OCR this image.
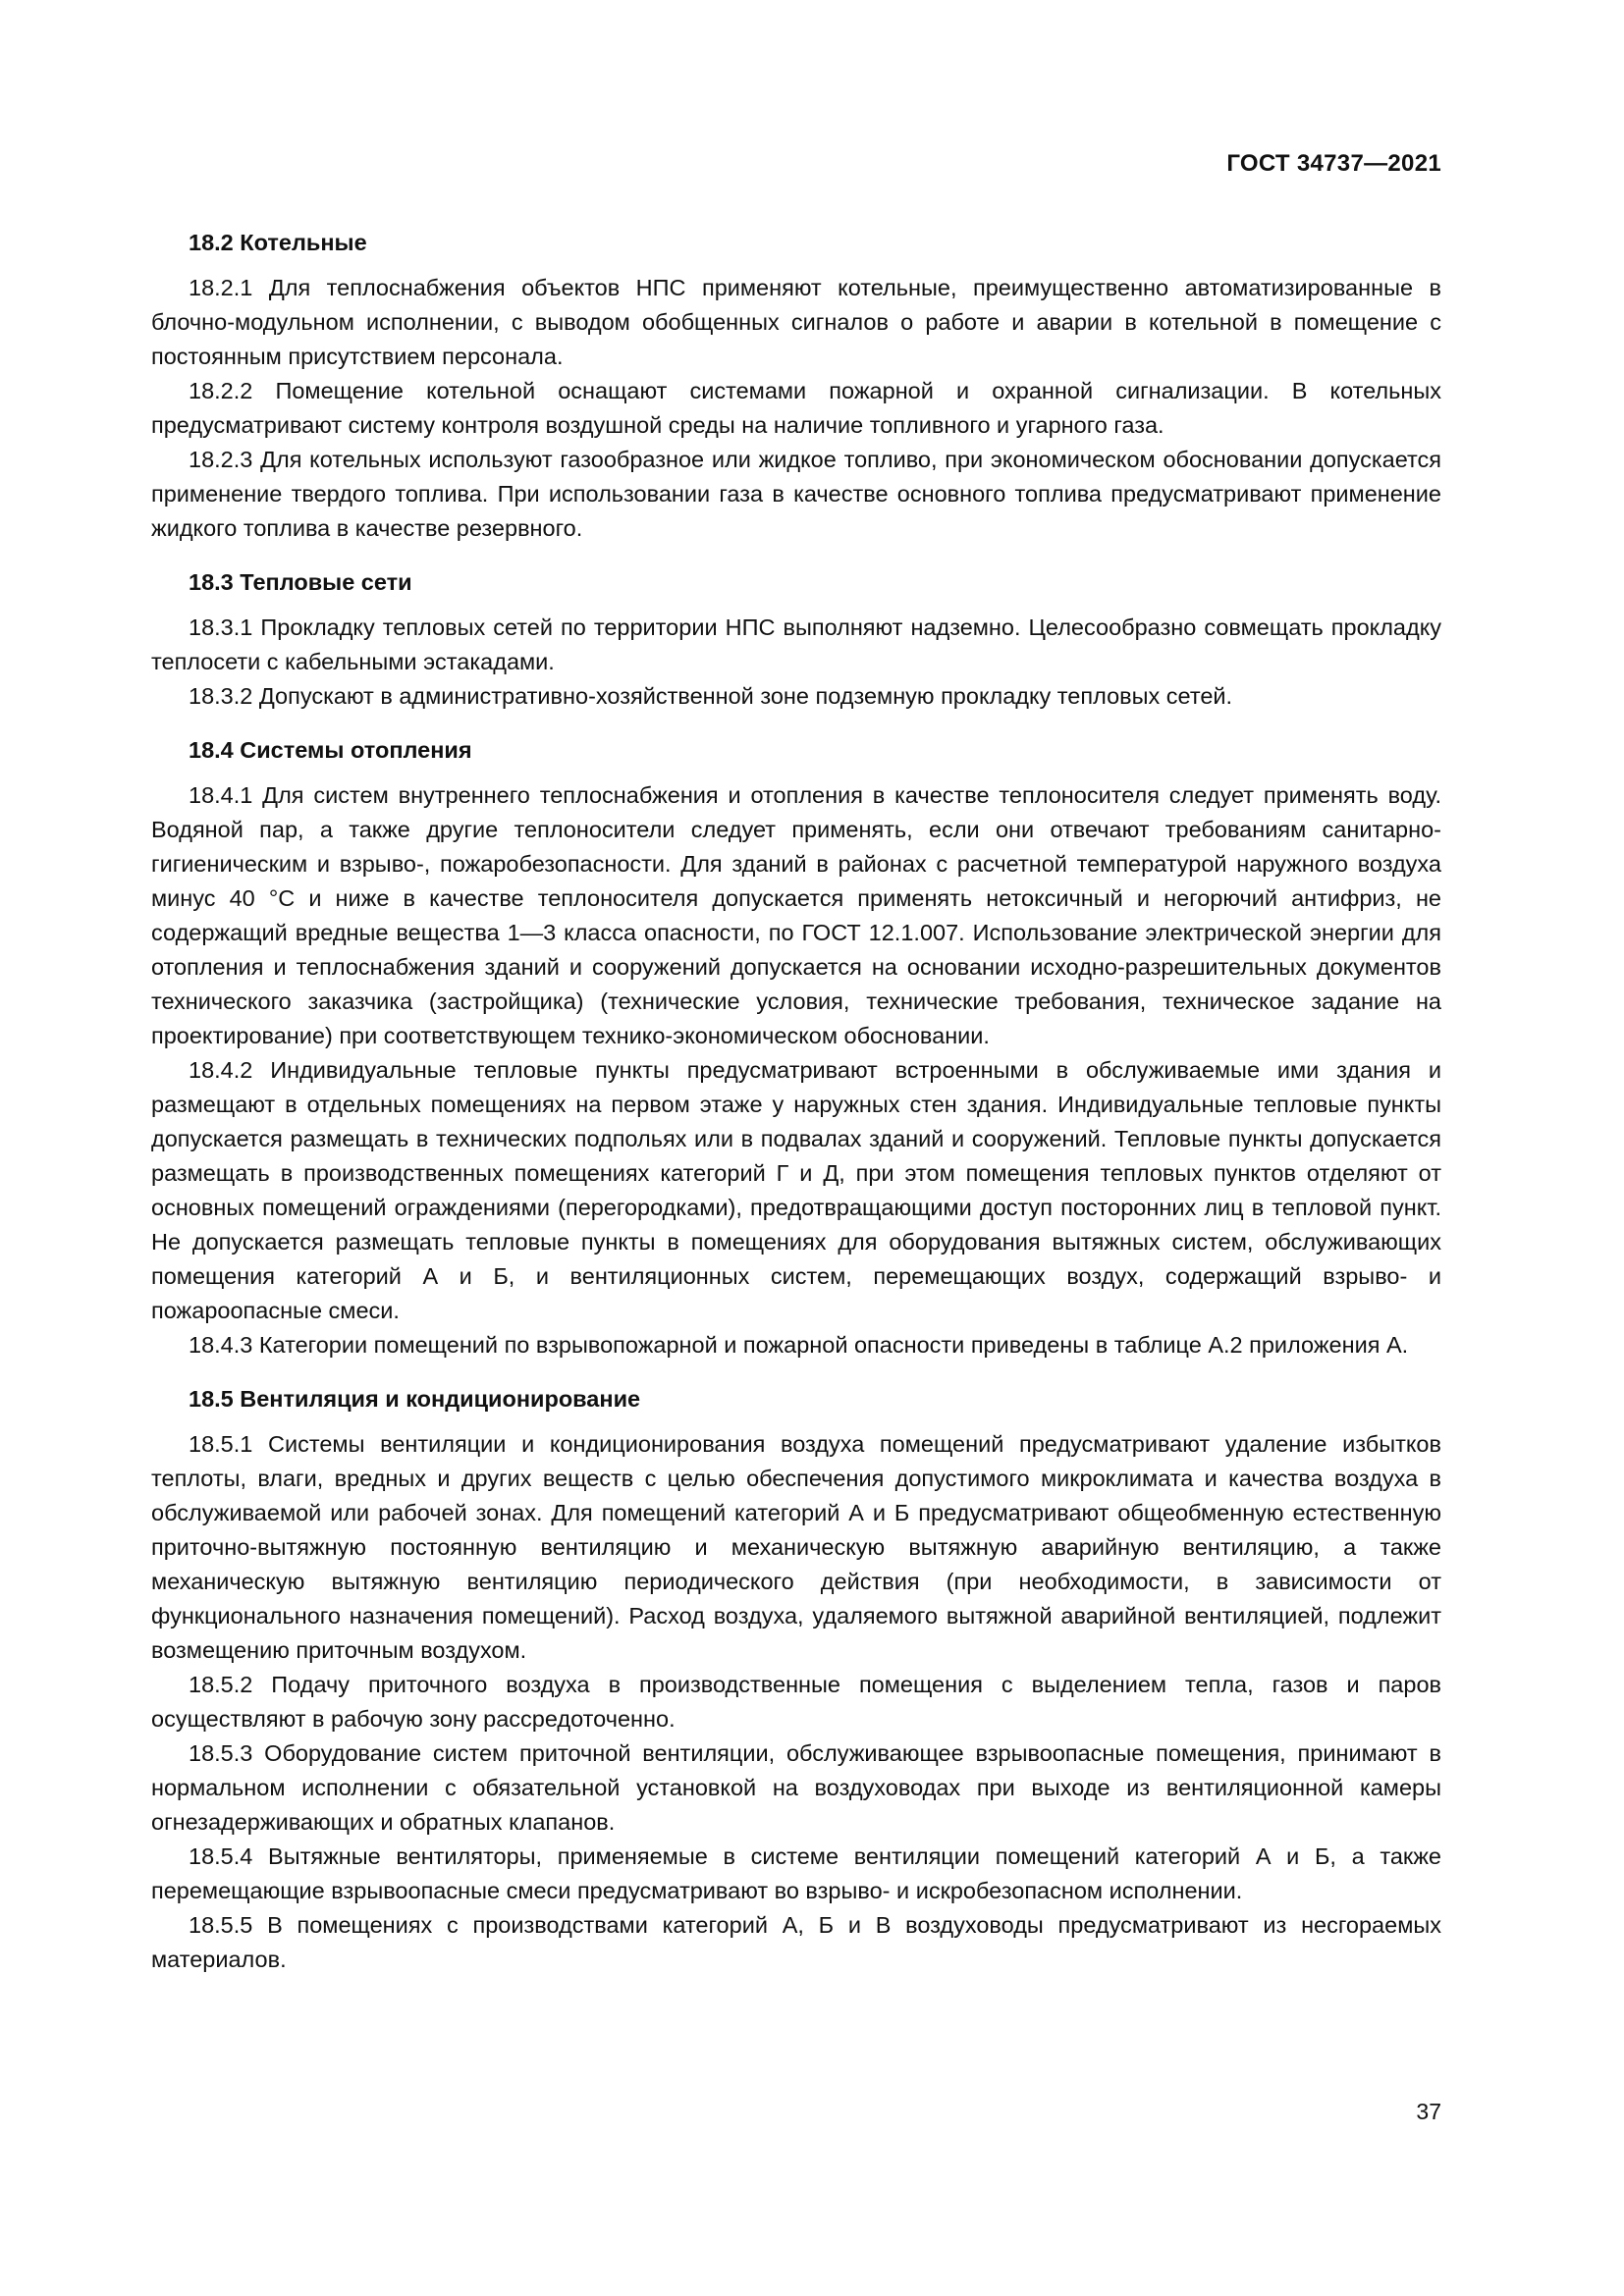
ГОСТ 34737—2021
18.2 Котельные

18.2.1 Для теплоснабжения объектов НПС применяют котельные, преимущественно автоматизированные в блочно-модульном исполнении, с выводом обобщенных сигналов о работе и аварии в котельной в помещение с постоянным присутствием персонала.

18.2.2 Помещение котельной оснащают системами пожарной и охранной сигнализации. В котельных предусматривают систему контроля воздушной среды на наличие топливного и угарного газа.

18.2.3 Для котельных используют газообразное или жидкое топливо, при экономическом обосновании допускается применение твердого топлива. При использовании газа в качестве основного топлива предусматривают применение жидкого топлива в качестве резервного.

18.3 Тепловые сети

18.3.1 Прокладку тепловых сетей по территории НПС выполняют надземно. Целесообразно совмещать прокладку теплосети с кабельными эстакадами.

18.3.2 Допускают в административно-хозяйственной зоне подземную прокладку тепловых сетей.

18.4 Системы отопления

18.4.1 Для систем внутреннего теплоснабжения и отопления в качестве теплоносителя следует применять воду. Водяной пар, а также другие теплоносители следует применять, если они отвечают требованиям санитарно-гигиеническим и взрыво-, пожаробезопасности. Для зданий в районах с расчетной температурой наружного воздуха минус 40 °С и ниже в качестве теплоносителя допускается применять нетоксичный и негорючий антифриз, не содержащий вредные вещества 1—3 класса опасности, по ГОСТ 12.1.007. Использование электрической энергии для отопления и теплоснабжения зданий и сооружений допускается на основании исходно-разрешительных документов технического заказчика (застройщика) (технические условия, технические требования, техническое задание на проектирование) при соответствующем технико-экономическом обосновании.

18.4.2 Индивидуальные тепловые пункты предусматривают встроенными в обслуживаемые ими здания и размещают в отдельных помещениях на первом этаже у наружных стен здания. Индивидуальные тепловые пункты допускается размещать в технических подпольях или в подвалах зданий и сооружений. Тепловые пункты допускается размещать в производственных помещениях категорий Г и Д, при этом помещения тепловых пунктов отделяют от основных помещений ограждениями (перегородками), предотвращающими доступ посторонних лиц в тепловой пункт. Не допускается размещать тепловые пункты в помещениях для оборудования вытяжных систем, обслуживающих помещения категорий А и Б, и вентиляционных систем, перемещающих воздух, содержащий взрыво- и пожароопасные смеси.

18.4.3 Категории помещений по взрывопожарной и пожарной опасности приведены в таблице А.2 приложения А.

18.5 Вентиляция и кондиционирование

18.5.1 Системы вентиляции и кондиционирования воздуха помещений предусматривают удаление избытков теплоты, влаги, вредных и других веществ с целью обеспечения допустимого микроклимата и качества воздуха в обслуживаемой или рабочей зонах. Для помещений категорий А и Б предусматривают общеобменную естественную приточно-вытяжную постоянную вентиляцию и механическую вытяжную аварийную вентиляцию, а также механическую вытяжную вентиляцию периодического действия (при необходимости, в зависимости от функционального назначения помещений). Расход воздуха, удаляемого вытяжной аварийной вентиляцией, подлежит возмещению приточным воздухом.

18.5.2 Подачу приточного воздуха в производственные помещения с выделением тепла, газов и паров осуществляют в рабочую зону рассредоточенно.

18.5.3 Оборудование систем приточной вентиляции, обслуживающее взрывоопасные помещения, принимают в нормальном исполнении с обязательной установкой на воздуховодах при выходе из вентиляционной камеры огнезадерживающих и обратных клапанов.

18.5.4 Вытяжные вентиляторы, применяемые в системе вентиляции помещений категорий А и Б, а также перемещающие взрывоопасные смеси предусматривают во взрыво- и искробезопасном исполнении.

18.5.5 В помещениях с производствами категорий А, Б и В воздуховоды предусматривают из несгораемых материалов.

37
